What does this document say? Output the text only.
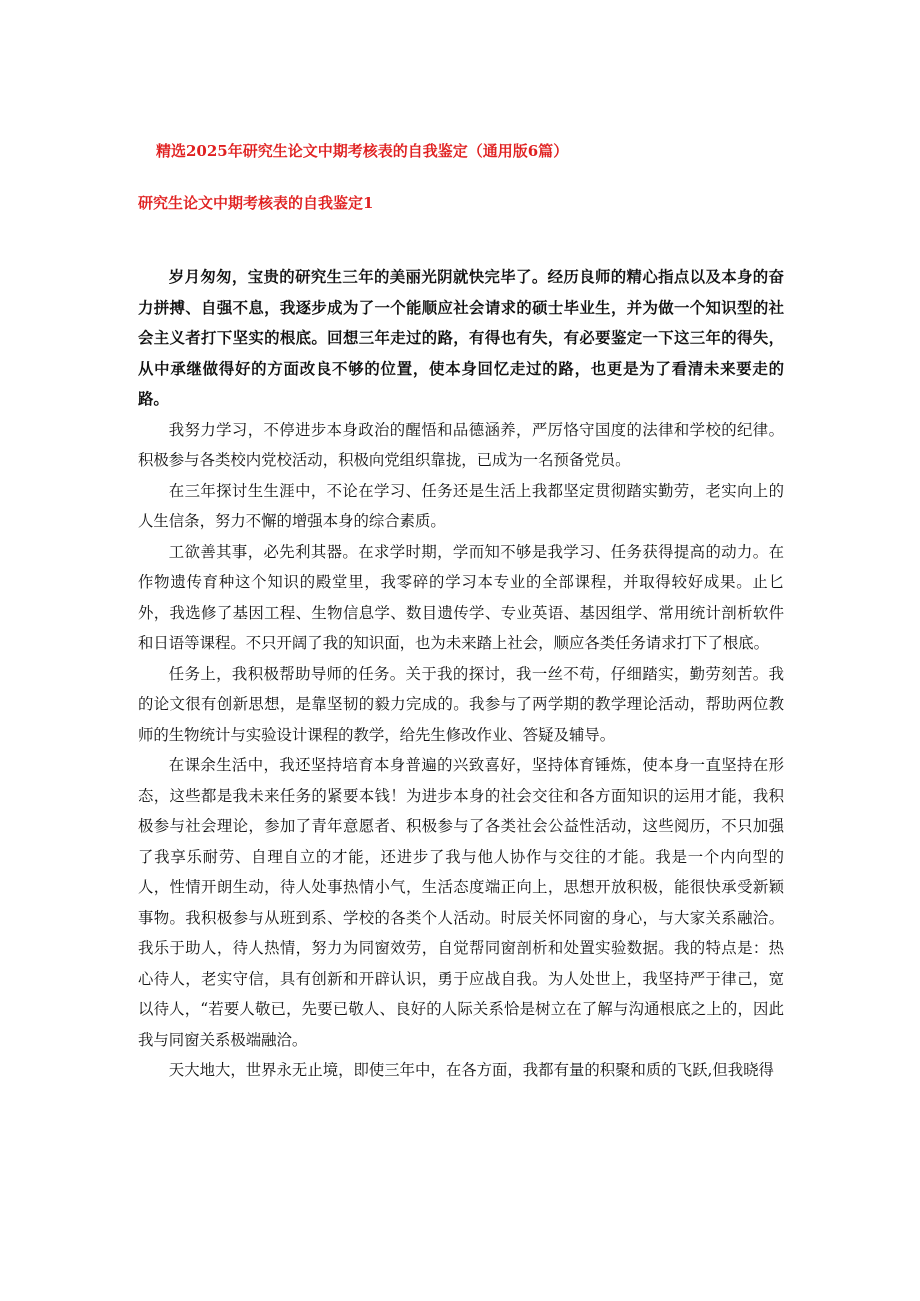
精选2025年研究生论文中期考核表的自我鉴定（通用版6篇）
研究生论文中期考核表的自我鉴定1

岁月匆匆，宝贵的研究生三年的美丽光阴就快完毕了。经历良师的精心指点以及本身的奋力拼搏、自强不息，我逐步成为了一个能顺应社会请求的硕士毕业生，并为做一个知识型的社会主义者打下坚实的根底。回想三年走过的路，有得也有失，有必要鉴定一下这三年的得失，从中承继做得好的方面改良不够的位置，使本身回忆走过的路，也更是为了看清未来要走的路。

我努力学习，不停进步本身政治的醒悟和品德涵养，严厉恪守国度的法律和学校的纪律。积极参与各类校内党校活动，积极向党组织靠拢，已成为一名预备党员。

在三年探讨生生涯中，不论在学习、任务还是生活上我都坚定贯彻踏实勤劳，老实向上的人生信条，努力不懈的增强本身的综合素质。

工欲善其事，必先利其器。在求学时期，学而知不够是我学习、任务获得提高的动力。在作物遗传育种这个知识的殿堂里，我零碎的学习本专业的全部课程，并取得较好成果。止匕外，我选修了基因工程、生物信息学、数目遗传学、专业英语、基因组学、常用统计剖析软件和日语等课程。不只开阔了我的知识面，也为未来踏上社会，顺应各类任务请求打下了根底。

任务上，我积极帮助导师的任务。关于我的探讨，我一丝不苟，仔细踏实，勤劳刻苦。我的论文很有创新思想，是靠坚韧的毅力完成的。我参与了两学期的教学理论活动，帮助两位教师的生物统计与实验设计课程的教学，给先生修改作业、答疑及辅导。

在课余生活中，我还坚持培育本身普遍的兴致喜好，坚持体育锤炼，使本身一直坚持在形态，这些都是我未来任务的紧要本钱！为进步本身的社会交往和各方面知识的运用才能，我积极参与社会理论，参加了青年意愿者、积极参与了各类社会公益性活动，这些阅历，不只加强了我享乐耐劳、自理自立的才能，还进步了我与他人协作与交往的才能。我是一个内向型的人，性情开朗生动，待人处事热情小气，生活态度端正向上，思想开放积极，能很快承受新颖事物。我积极参与从班到系、学校的各类个人活动。时辰关怀同窗的身心，与大家关系融洽。我乐于助人，待人热情，努力为同窗效劳，自觉帮同窗剖析和处置实验数据。我的特点是：热心待人，老实守信，具有创新和开辟认识，勇于应战自我。为人处世上，我坚持严于律己，宽以待人，“若要人敬已，先要已敬人、良好的人际关系恰是树立在了解与沟通根底之上的，因此我与同窗关系极端融洽。

天大地大，世界永无止境，即使三年中，在各方面，我都有量的积聚和质的飞跃,但我晓得
